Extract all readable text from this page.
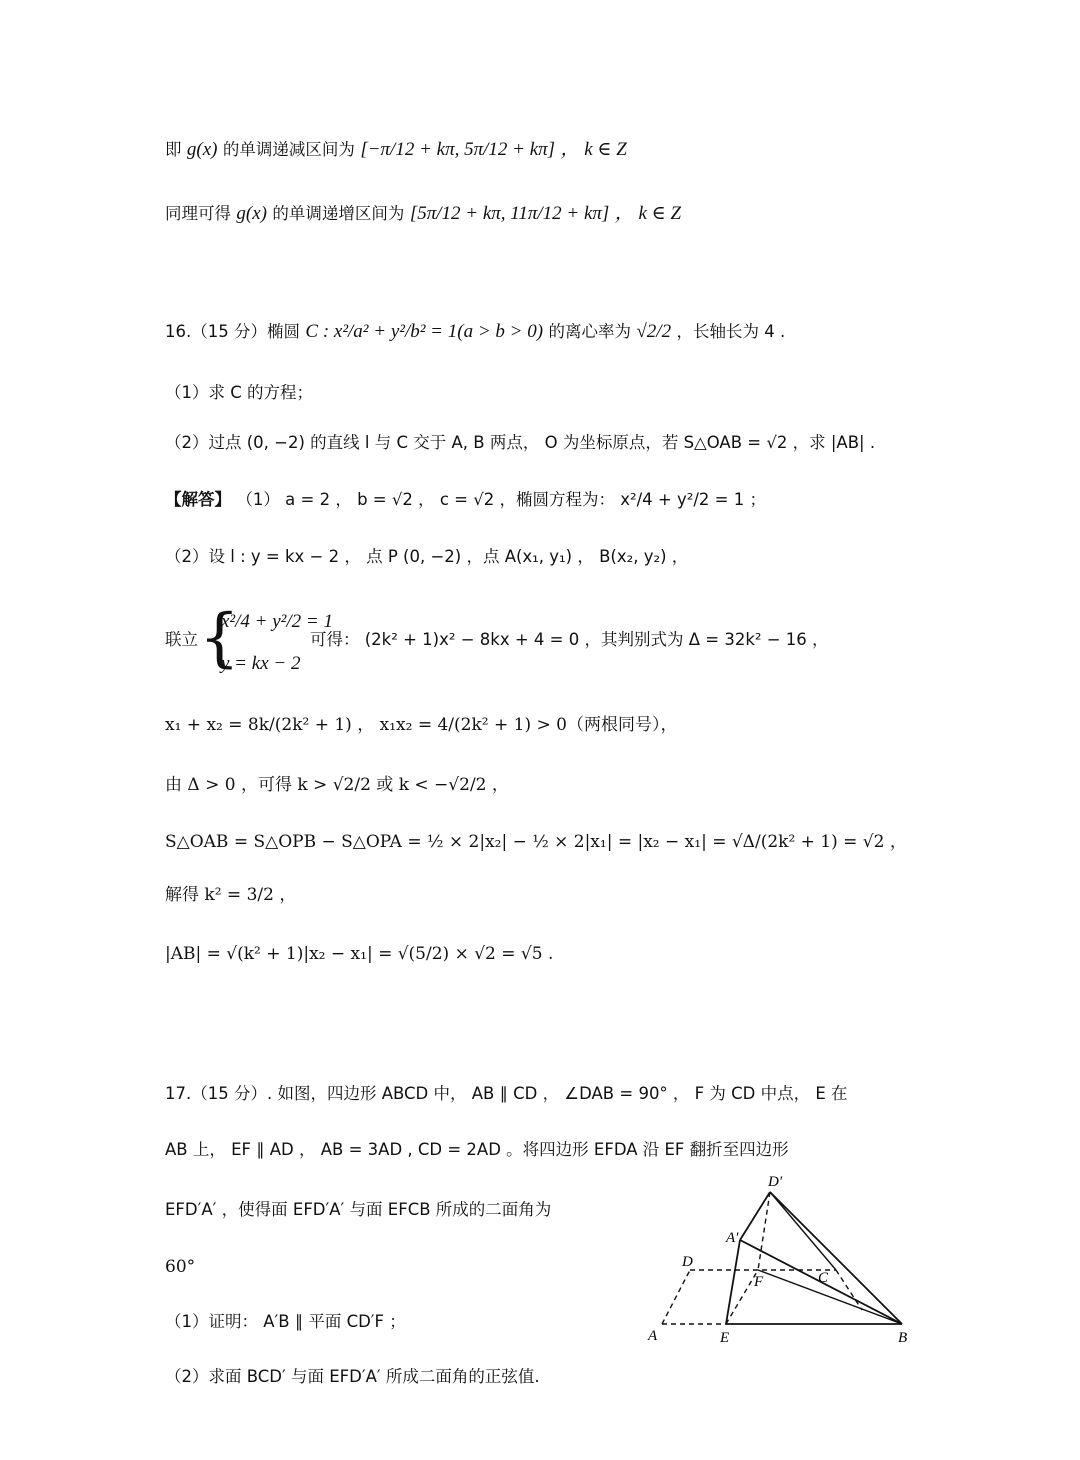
即 g(x) 的单调递减区间为 [−π/12 + kπ, 5π/12 + kπ] ， k ∈ Z
同理可得 g(x) 的单调递增区间为 [5π/12 + kπ, 11π/12 + kπ] ， k ∈ Z
16.（15 分）椭圆 C : x²/a² + y²/b² = 1(a > b > 0) 的离心率为 √2/2 ，长轴长为 4 .
（1）求 C 的方程；
（2）过点 (0, −2) 的直线 l 与 C 交于 A, B 两点， O 为坐标原点，若 S△OAB = √2 ，求 |AB| .
【解答】 （1） a = 2 ， b = √2 ， c = √2 ，椭圆方程为： x²/4 + y²/2 = 1 ；
（2）设 l : y = kx − 2 ， 点 P (0, −2) ，点 A(x₁, y₁) ， B(x₂, y₂) ，
联立 {
x²/4 + y²/2 = 1
y = kx − 2
可得： (2k² + 1)x² − 8kx + 4 = 0 ，其判别式为 Δ = 32k² − 16 ，
x₁ + x₂ = 8k/(2k² + 1) ， x₁x₂ = 4/(2k² + 1) > 0（两根同号），
由 Δ > 0 ，可得 k > √2/2 或 k < −√2/2 ，
S△OAB = S△OPB − S△OPA = ½ × 2|x₂| − ½ × 2|x₁| = |x₂ − x₁| = √Δ/(2k² + 1) = √2 ，
解得 k² = 3/2 ，
|AB| = √(k² + 1)|x₂ − x₁| = √(5/2) × √2 = √5 .
17.（15 分）. 如图，四边形 ABCD 中， AB ∥ CD ， ∠DAB = 90° ， F 为 CD 中点， E 在
AB 上， EF ∥ AD ， AB = 3AD , CD = 2AD 。将四边形 EFDA 沿 EF 翻折至四边形
EFD′A′ ，使得面 EFD′A′ 与面 EFCB 所成的二面角为
60°
（1）证明： A′B ∥ 平面 CD′F ；
（2）求面 BCD′ 与面 EFD′A′ 所成二面角的正弦值.
D′
A′
D
F	C
A	E	B
